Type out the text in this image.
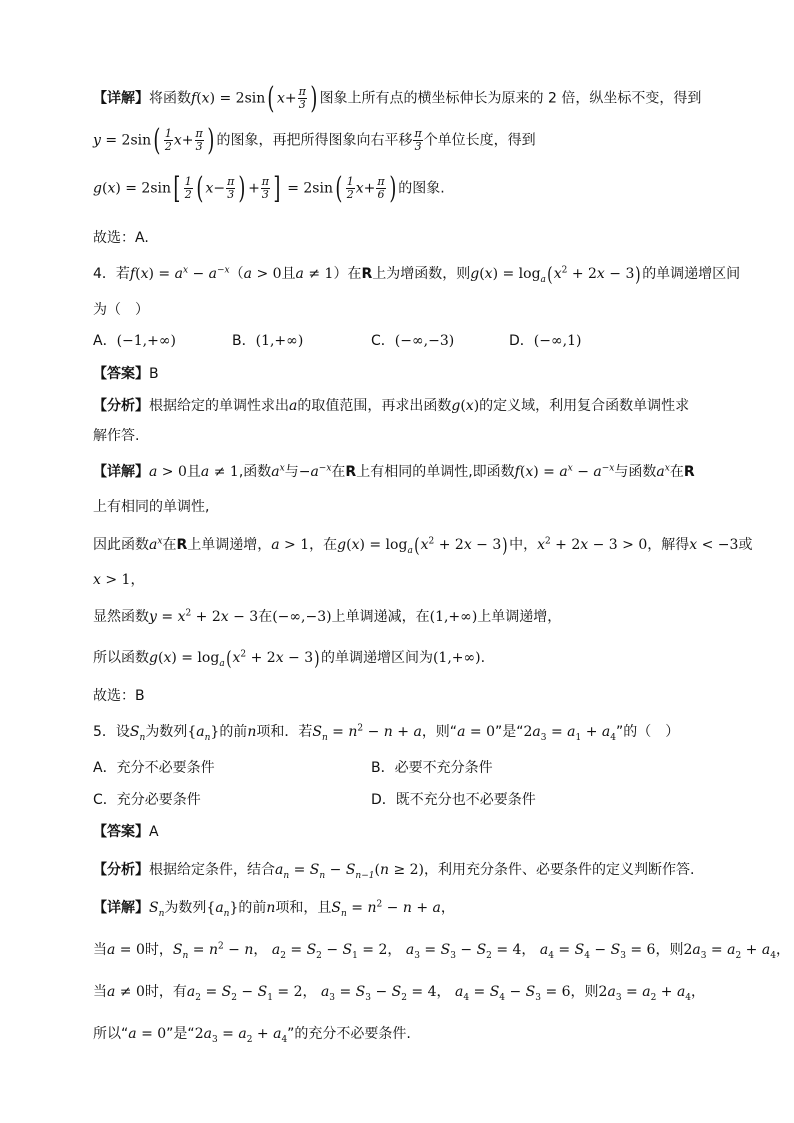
【详解】将函数f(x) = 2sin( $x+ \frac{\pi}{3}$ ) 图象上所有点的横坐标伸长为原来的 2 倍，纵坐标不变，得到
$y = 2\sin( \frac{1}{2} x+ \frac{\pi}{3}$ ) 的图象，再把所得图象向右平移 $\frac{\pi}{3}$ 个单位长度，得到
$g(x) = 2\sin[ \frac{1}{2}$ ( $x- \frac{\pi}{3}$ ) + $\frac{\pi}{3}$ ] = $2\sin( \frac{1}{2} x+ \frac{\pi}{6}$ ) 的图象.
故选：A.
4．若$f(x) = a^x - a^{-x}(a > 0$且a ≠ 1）在R上为增函数，则$g(x) = \log_a(x^2 + 2x - 3)$的单调递增区间
为（　）
A．(−1,+∞)	B．(1,+∞)	C．(−∞,−3)	D．(−∞,1)
【答案】B
【分析】根据给定的单调性求出a的取值范围，再求出函数g(x)的定义域，利用复合函数单调性求
解作答.
【详解】a > 0且a ≠ 1,函数$a^x$与$-a^{-x}$在R上有相同的单调性,即函数$f(x) = a^x - a^{-x}$与函数$a^x$在R
上有相同的单调性,
因此函数$a^x$在R上单调递增，a > 1，在$g(x) = \log_a(x^2 + 2x - 3)$中，$x^2 + 2x - 3 > 0$，解得x < −3或
x > 1，
显然函数$y = x^2 + 2x - 3$在(−∞,−3)上单调递减，在(1,+∞)上单调递增，
所以函数$g(x) = \log_a(x^2 + 2x - 3)$的单调递增区间为(1,+∞).
故选：B
5．设$S_n$为数列$\{a_n\}$的前n项和．若$S_n = n^2 - n + a$，则“a = 0”是“$2a_3 = a_1 + a_4$”的（　）
A．充分不必要条件	B．必要不充分条件
C．充分必要条件	D．既不充分也不必要条件
【答案】A
【分析】根据给定条件，结合$a_n = S_n - S_{n-1}(n \ge 2)$，利用充分条件、必要条件的定义判断作答.
【详解】$S_n$为数列$\{a_n\}$的前n项和，且$S_n = n^2 - n + a$，
当a = 0时，$S_n = n^2 - n$， $a_2 = S_2 - S_1 = 2$， $a_3 = S_3 - S_2 = 4$， $a_4 = S_4 - S_3 = 6$，则$2a_3 = a_2 + a_4$，
当a ≠ 0时，有$a_2 = S_2 - S_1 = 2$， $a_3 = S_3 - S_2 = 4$， $a_4 = S_4 - S_3 = 6$，则$2a_3 = a_2 + a_4$，
所以“a = 0”是“$2a_3 = a_2 + a_4$”的充分不必要条件.
